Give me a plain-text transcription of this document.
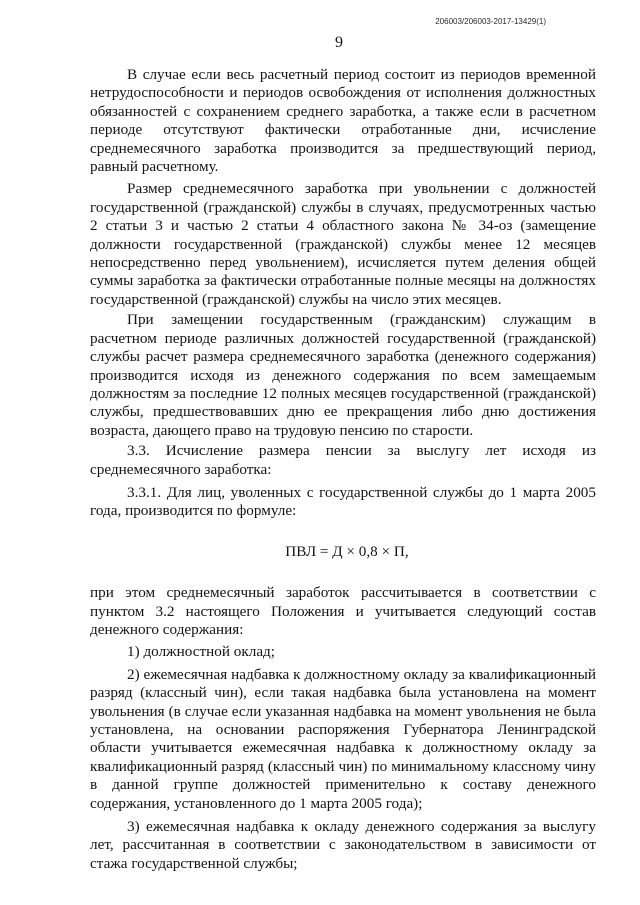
206003/206003-2017-13429(1)
9

В случае если весь расчетный период состоит из периодов временной нетрудоспособности и периодов освобождения от исполнения должностных обязанностей с сохранением среднего заработка, а также если в расчетном периоде отсутствуют фактически отработанные дни, исчисление среднемесячного заработка производится за предшествующий период, равный расчетному.

Размер среднемесячного заработка при увольнении с должностей государственной (гражданской) службы в случаях, предусмотренных частью 2 статьи 3 и частью 2 статьи 4 областного закона № 34-оз (замещение должности государственной (гражданской) службы менее 12 месяцев непосредственно перед увольнением), исчисляется путем деления общей суммы заработка за фактически отработанные полные месяцы на должностях государственной (гражданской) службы на число этих месяцев.

При замещении государственным (гражданским) служащим в расчетном периоде различных должностей государственной (гражданской) службы расчет размера среднемесячного заработка (денежного содержания) производится исходя из денежного содержания по всем замещаемым должностям за последние 12 полных месяцев государственной (гражданской) службы, предшествовавших дню ее прекращения либо дню достижения возраста, дающего право на трудовую пенсию по старости.

3.3. Исчисление размера пенсии за выслугу лет исходя из среднемесячного заработка:

3.3.1. Для лиц, уволенных с государственной службы до 1 марта 2005 года, производится по формуле:

ПВЛ = Д × 0,8 × П,

при этом среднемесячный заработок рассчитывается в соответствии с пунктом 3.2 настоящего Положения и учитывается следующий состав денежного содержания:

1) должностной оклад;

2) ежемесячная надбавка к должностному окладу за квалификационный разряд (классный чин), если такая надбавка была установлена на момент увольнения (в случае если указанная надбавка на момент увольнения не была установлена, на основании распоряжения Губернатора Ленинградской области учитывается ежемесячная надбавка к должностному окладу за квалификационный разряд (классный чин) по минимальному классному чину в данной группе должностей применительно к составу денежного содержания, установленного до 1 марта 2005 года);

3) ежемесячная надбавка к окладу денежного содержания за выслугу лет, рассчитанная в соответствии с законодательством в зависимости от стажа государственной службы;
